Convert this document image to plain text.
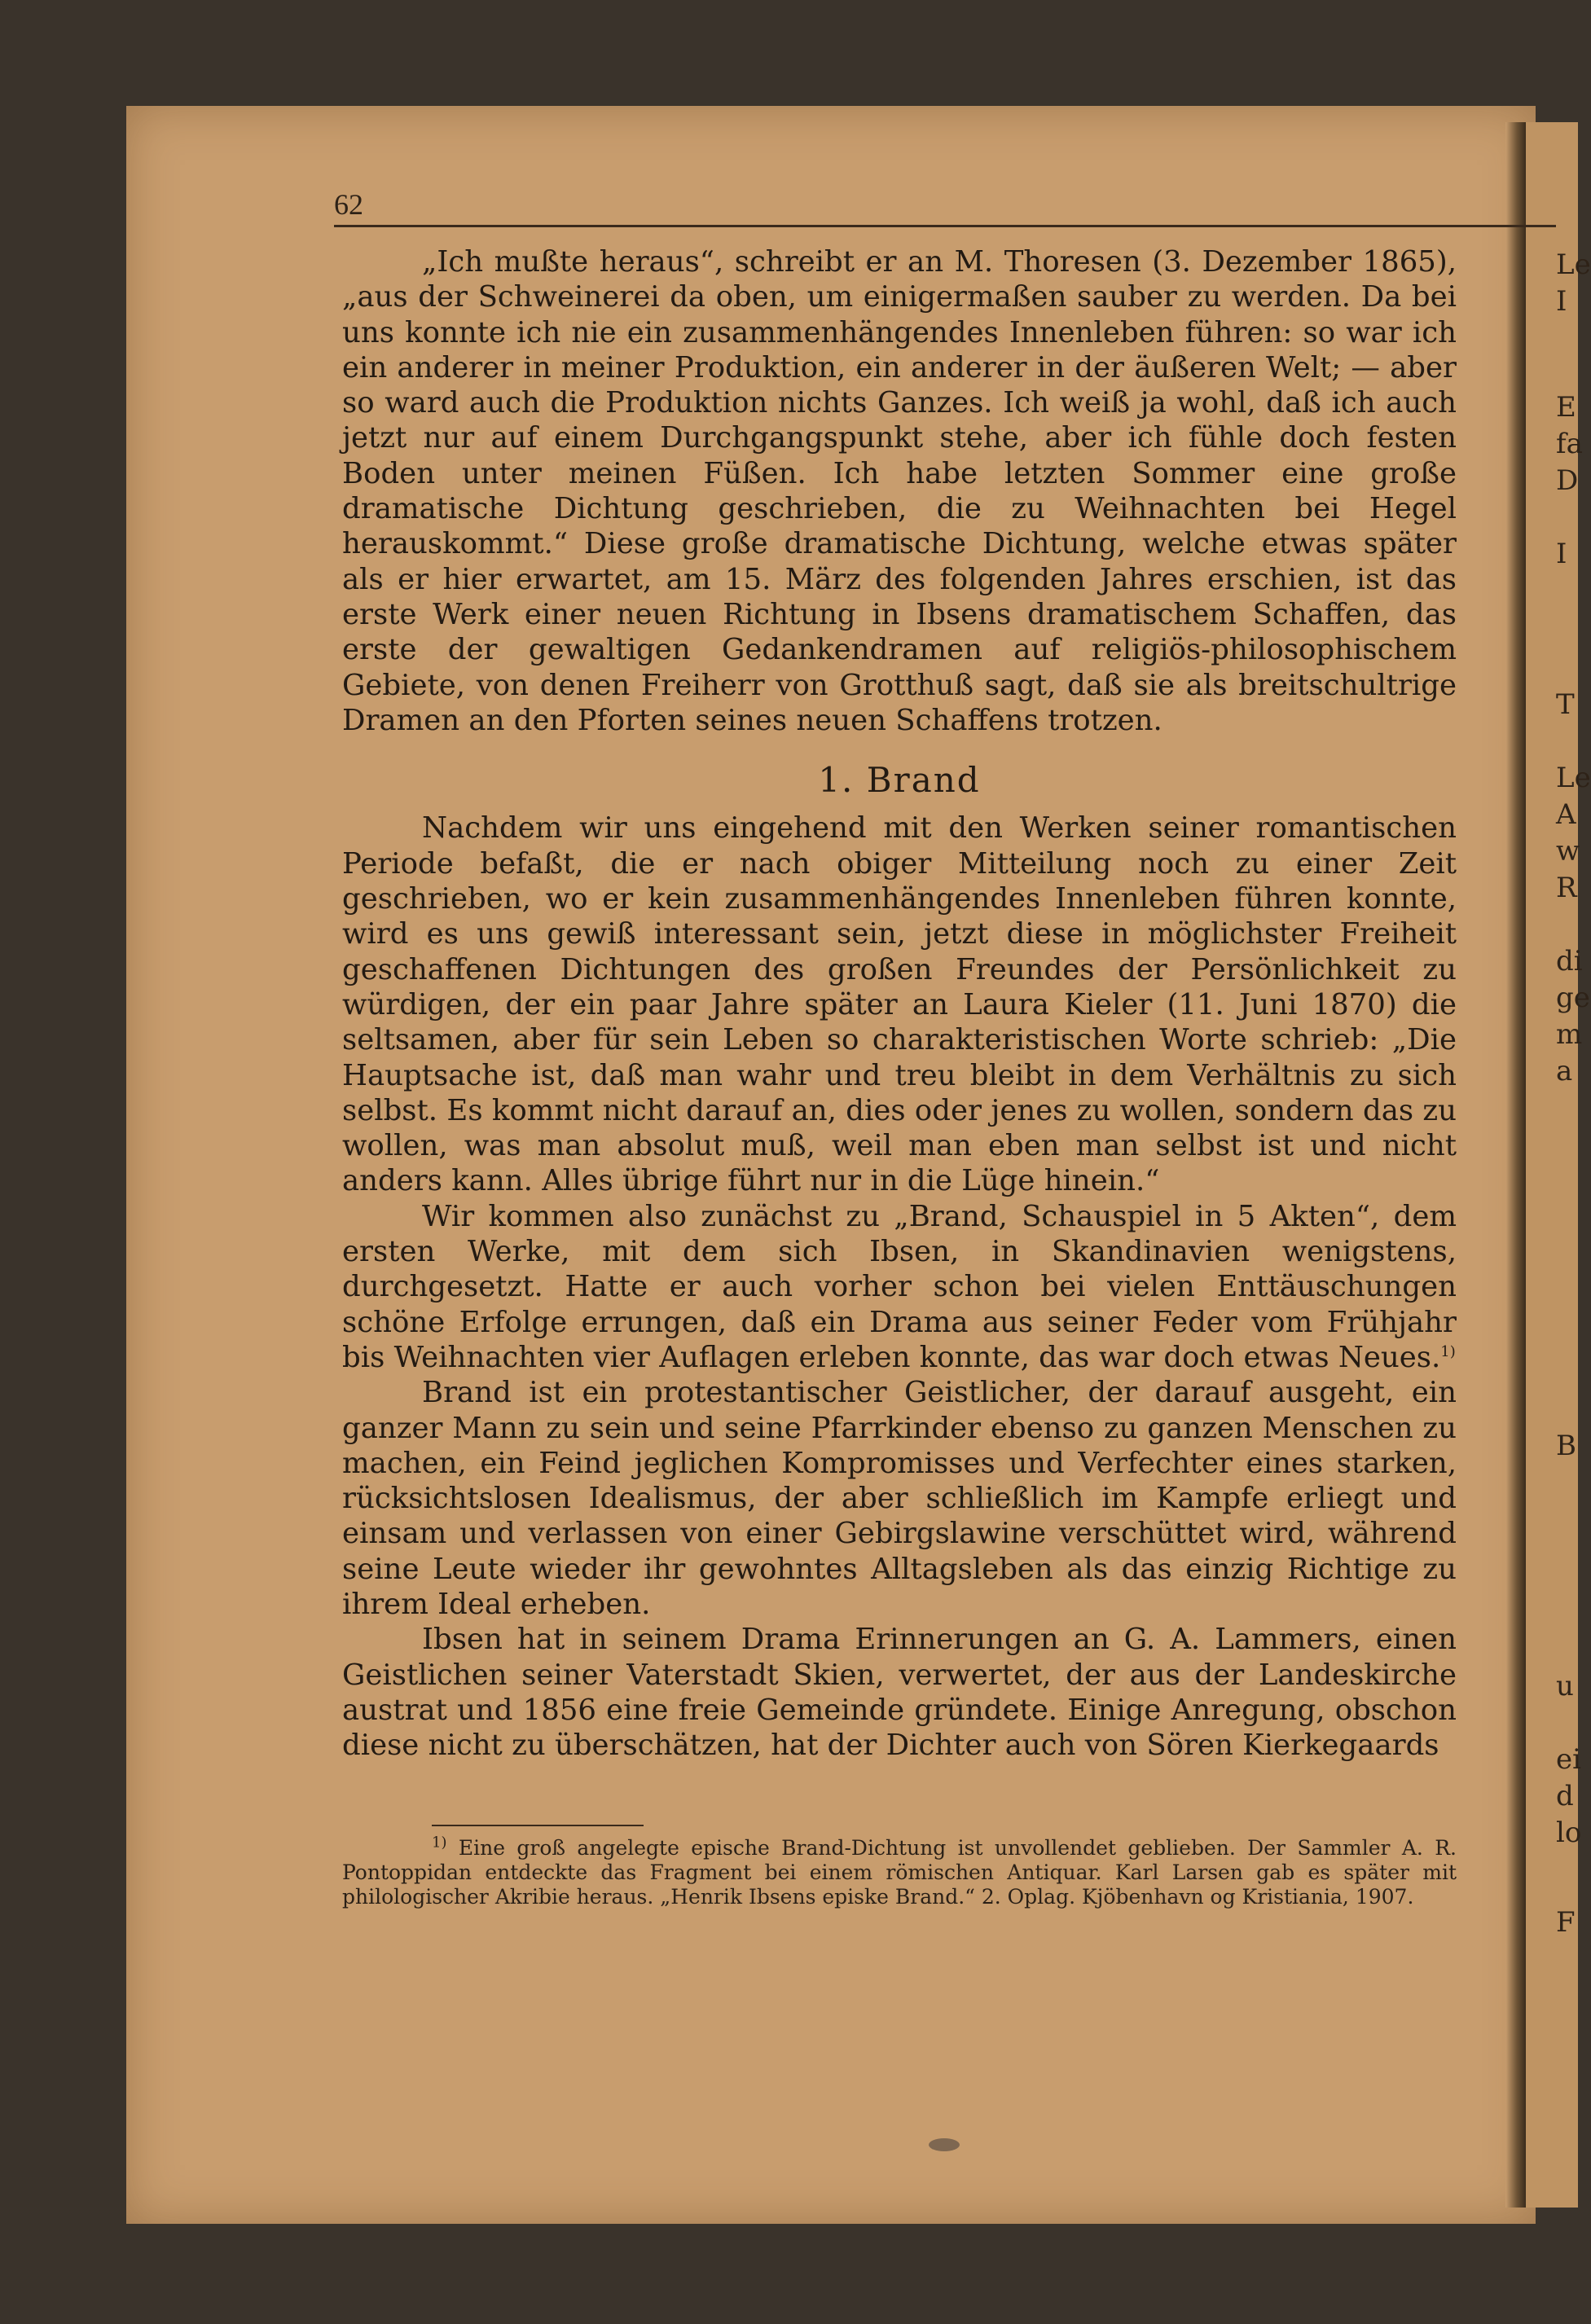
62

„Ich mußte heraus“, schreibt er an M. Thoresen (3. Dezember 1865), „aus der Schweinerei da oben, um einigermaßen sauber zu werden. Da bei uns konnte ich nie ein zusammenhängendes Innenleben führen: so war ich ein anderer in meiner Produktion, ein anderer in der äußeren Welt; — aber so ward auch die Produktion nichts Ganzes. Ich weiß ja wohl, daß ich auch jetzt nur auf einem Durchgangspunkt stehe, aber ich fühle doch festen Boden unter meinen Füßen. Ich habe letzten Sommer eine große dramatische Dichtung geschrieben, die zu Weihnachten bei Hegel herauskommt.“ Diese große dramatische Dichtung, welche etwas später als er hier erwartet, am 15. März des folgenden Jahres erschien, ist das erste Werk einer neuen Richtung in Ibsens dramatischem Schaffen, das erste der gewaltigen Gedankendramen auf religiös-philosophischem Gebiete, von denen Freiherr von Grotthuß sagt, daß sie als breitschultrige Dramen an den Pforten seines neuen Schaffens trotzen.

1. Brand

Nachdem wir uns eingehend mit den Werken seiner romantischen Periode befaßt, die er nach obiger Mitteilung noch zu einer Zeit geschrieben, wo er kein zusammenhängendes Innenleben führen konnte, wird es uns gewiß interessant sein, jetzt diese in möglichster Freiheit geschaffenen Dichtungen des großen Freundes der Persönlichkeit zu würdigen, der ein paar Jahre später an Laura Kieler (11. Juni 1870) die seltsamen, aber für sein Leben so charakteristischen Worte schrieb: „Die Hauptsache ist, daß man wahr und treu bleibt in dem Verhältnis zu sich selbst. Es kommt nicht darauf an, dies oder jenes zu wollen, sondern das zu wollen, was man absolut muß, weil man eben man selbst ist und nicht anders kann. Alles übrige führt nur in die Lüge hinein.“

Wir kommen also zunächst zu „Brand, Schauspiel in 5 Akten“, dem ersten Werke, mit dem sich Ibsen, in Skandinavien wenigstens, durchgesetzt. Hatte er auch vorher schon bei vielen Enttäuschungen schöne Erfolge errungen, daß ein Drama aus seiner Feder vom Frühjahr bis Weihnachten vier Auflagen erleben konnte, das war doch etwas Neues.$^{1)}$

Brand ist ein protestantischer Geistlicher, der darauf ausgeht, ein ganzer Mann zu sein und seine Pfarrkinder ebenso zu ganzen Menschen zu machen, ein Feind jeglichen Kompromisses und Verfechter eines starken, rücksichtslosen Idealismus, der aber schließlich im Kampfe erliegt und einsam und verlassen von einer Gebirgslawine verschüttet wird, während seine Leute wieder ihr gewohntes Alltagsleben als das einzig Richtige zu ihrem Ideal erheben.

Ibsen hat in seinem Drama Erinnerungen an G. A. Lammers, einen Geistlichen seiner Vaterstadt Skien, verwertet, der aus der Landeskirche austrat und 1856 eine freie Gemeinde gründete. Einige Anregung, obschon diese nicht zu überschätzen, hat der Dichter auch von Sören Kierkegaards

$^{1)}$ Eine groß angelegte epische Brand-Dichtung ist unvollendet geblieben. Der Sammler A. R. Pontoppidan entdeckte das Fragment bei einem römischen Antiquar. Karl Larsen gab es später mit philologischer Akribie heraus. „Henrik Ibsens episke Brand.“ 2. Oplag. Kjöbenhavn og Kristiania, 1907.

Le
I
E
fa
D
I
T
Le
A
w
R
di
ge
m
a
B
u
ei
d
lo
F
